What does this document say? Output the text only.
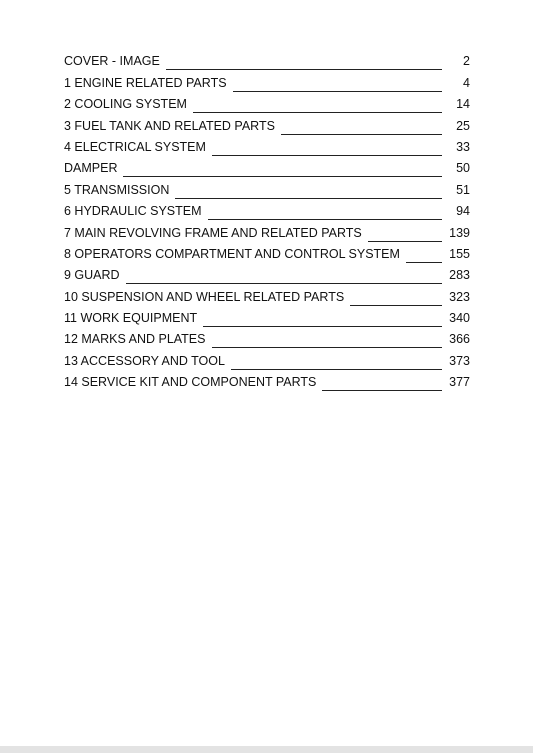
COVER - IMAGE	2
1 ENGINE RELATED PARTS	4
2 COOLING SYSTEM	14
3 FUEL TANK AND RELATED PARTS	25
4 ELECTRICAL SYSTEM	33
DAMPER	50
5 TRANSMISSION	51
6 HYDRAULIC SYSTEM	94
7 MAIN REVOLVING FRAME AND RELATED PARTS	139
8 OPERATORS COMPARTMENT AND CONTROL SYSTEM	155
9 GUARD	283
10 SUSPENSION AND WHEEL RELATED PARTS	323
11 WORK EQUIPMENT	340
12 MARKS AND PLATES	366
13 ACCESSORY AND TOOL	373
14 SERVICE KIT AND COMPONENT PARTS	377
